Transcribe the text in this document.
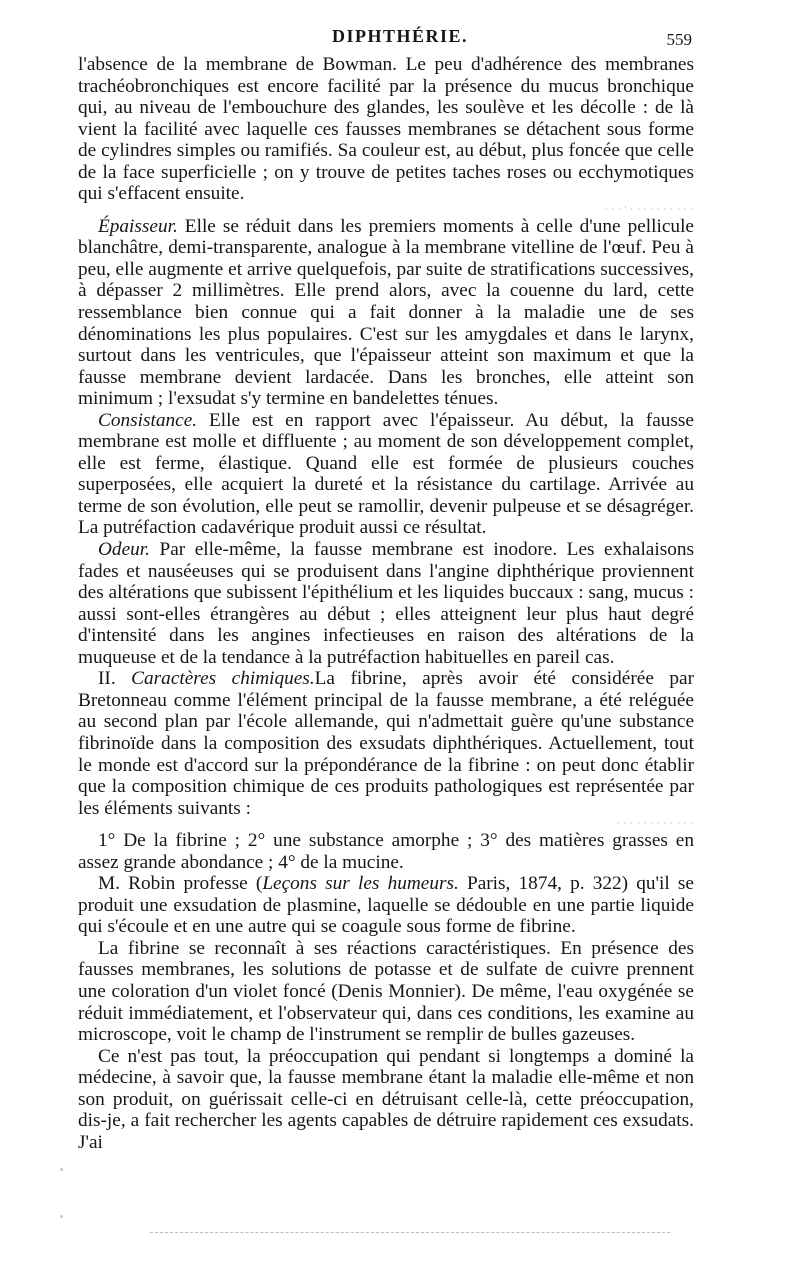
DIPHTHÉRIE.	559

l'absence de la membrane de Bowman. Le peu d'adhérence des membranes trachéobronchiques est encore facilité par la présence du mucus bronchique qui, au niveau de l'embouchure des glandes, les soulève et les décolle : de là vient la facilité avec laquelle ces fausses membranes se détachent sous forme de cylindres simples ou ramifiés. Sa couleur est, au début, plus foncée que celle de la face superficielle ; on y trouve de petites taches roses ou ecchymotiques qui s'effacent ensuite.

· · · ' · · · · · · · · · ·

Épaisseur. Elle se réduit dans les premiers moments à celle d'une pellicule blanchâtre, demi-transparente, analogue à la membrane vitelline de l'œuf. Peu à peu, elle augmente et arrive quelquefois, par suite de stratifications successives, à dépasser 2 millimètres. Elle prend alors, avec la couenne du lard, cette ressemblance bien connue qui a fait donner à la maladie une de ses dénominations les plus populaires. C'est sur les amygdales et dans le larynx, surtout dans les ventricules, que l'épaisseur atteint son maximum et que la fausse membrane devient lardacée. Dans les bronches, elle atteint son minimum ; l'exsudat s'y termine en bandelettes ténues.

Consistance. Elle est en rapport avec l'épaisseur. Au début, la fausse membrane est molle et diffluente ; au moment de son développement complet, elle est ferme, élastique. Quand elle est formée de plusieurs couches superposées, elle acquiert la dureté et la résistance du cartilage. Arrivée au terme de son évolution, elle peut se ramollir, devenir pulpeuse et se désagréger. La putréfaction cadavérique produit aussi ce résultat.

Odeur. Par elle-même, la fausse membrane est inodore. Les exhalaisons fades et nauséeuses qui se produisent dans l'angine diphthérique proviennent des altérations que subissent l'épithélium et les liquides buccaux : sang, mucus : aussi sont-elles étrangères au début ; elles atteignent leur plus haut degré d'intensité dans les angines infectieuses en raison des altérations de la muqueuse et de la tendance à la putréfaction habituelles en pareil cas.

II. Caractères chimiques.La fibrine, après avoir été considérée par Bretonneau comme l'élément principal de la fausse membrane, a été reléguée au second plan par l'école allemande, qui n'admettait guère qu'une substance fibrinoïde dans la composition des exsudats diphthériques. Actuellement, tout le monde est d'accord sur la prépondérance de la fibrine : on peut donc établir que la composition chimique de ces produits pathologiques est représentée par les éléments suivants :

· · · · · · · · · · · ·

1° De la fibrine ; 2° une substance amorphe ; 3° des matières grasses en assez grande abondance ; 4° de la mucine.

M. Robin professe (Leçons sur les humeurs. Paris, 1874, p. 322) qu'il se produit une exsudation de plasmine, laquelle se dédouble en une partie liquide qui s'écoule et en une autre qui se coagule sous forme de fibrine.

La fibrine se reconnaît à ses réactions caractéristiques. En présence des fausses membranes, les solutions de potasse et de sulfate de cuivre prennent une coloration d'un violet foncé (Denis Monnier). De même, l'eau oxygénée se réduit immédiatement, et l'observateur qui, dans ces conditions, les examine au microscope, voit le champ de l'instrument se remplir de bulles gazeuses.

Ce n'est pas tout, la préoccupation qui pendant si longtemps a dominé la médecine, à savoir que, la fausse membrane étant la maladie elle-même et non son produit, on guérissait celle-ci en détruisant celle-là, cette préoccupation, dis-je, a fait rechercher les agents capables de détruire rapidement ces exsudats. J'ai
